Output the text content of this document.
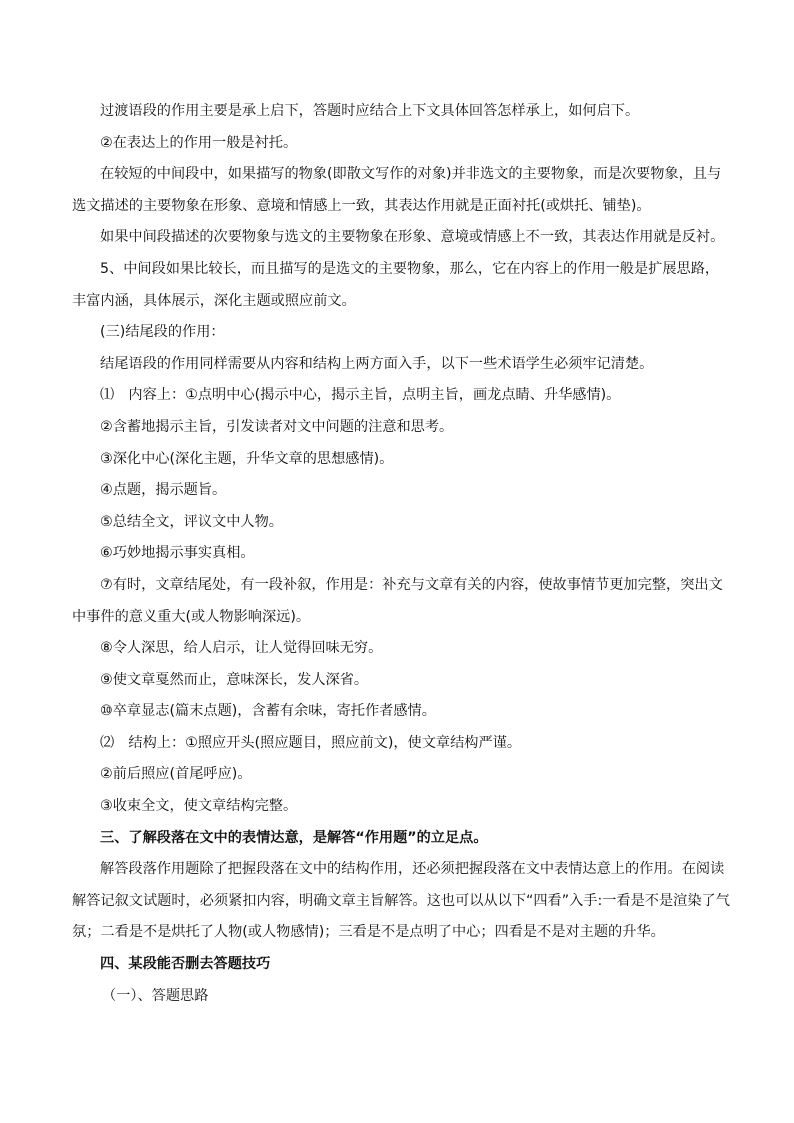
过渡语段的作用主要是承上启下，答题时应结合上下文具体回答怎样承上，如何启下。

②在表达上的作用一般是衬托。

在较短的中间段中，如果描写的物象(即散文写作的对象)并非选文的主要物象，而是次要物象，且与选文描述的主要物象在形象、意境和情感上一致，其表达作用就是正面衬托(或烘托、铺垫)。

如果中间段描述的次要物象与选文的主要物象在形象、意境或情感上不一致，其表达作用就是反衬。

5、中间段如果比较长，而且描写的是选文的主要物象，那么，它在内容上的作用一般是扩展思路，丰富内涵，具体展示，深化主题或照应前文。

(三)结尾段的作用：

结尾语段的作用同样需要从内容和结构上两方面入手，以下一些术语学生必须牢记清楚。

⑴　内容上：①点明中心(揭示中心，揭示主旨，点明主旨，画龙点睛、升华感情)。

②含蓄地揭示主旨，引发读者对文中问题的注意和思考。

③深化中心(深化主题，升华文章的思想感情)。

④点题，揭示题旨。

⑤总结全文，评议文中人物。

⑥巧妙地揭示事实真相。

⑦有时，文章结尾处，有一段补叙，作用是：补充与文章有关的内容，使故事情节更加完整，突出文中事件的意义重大(或人物影响深远)。

⑧令人深思，给人启示，让人觉得回味无穷。

⑨使文章戛然而止，意味深长，发人深省。

⑩卒章显志(篇末点题)，含蓄有余味，寄托作者感情。

⑵　结构上：①照应开头(照应题目，照应前文)，使文章结构严谨。

②前后照应(首尾呼应)。

③收束全文，使文章结构完整。

三、了解段落在文中的表情达意，是解答“作用题”的立足点。

解答段落作用题除了把握段落在文中的结构作用，还必须把握段落在文中表情达意上的作用。在阅读解答记叙文试题时，必须紧扣内容，明确文章主旨解答。这也可以从以下“四看”入手:一看是不是渲染了气氛；二看是不是烘托了人物(或人物感情)；三看是不是点明了中心；四看是不是对主题的升华。

四、某段能否删去答题技巧

（一）、答题思路
